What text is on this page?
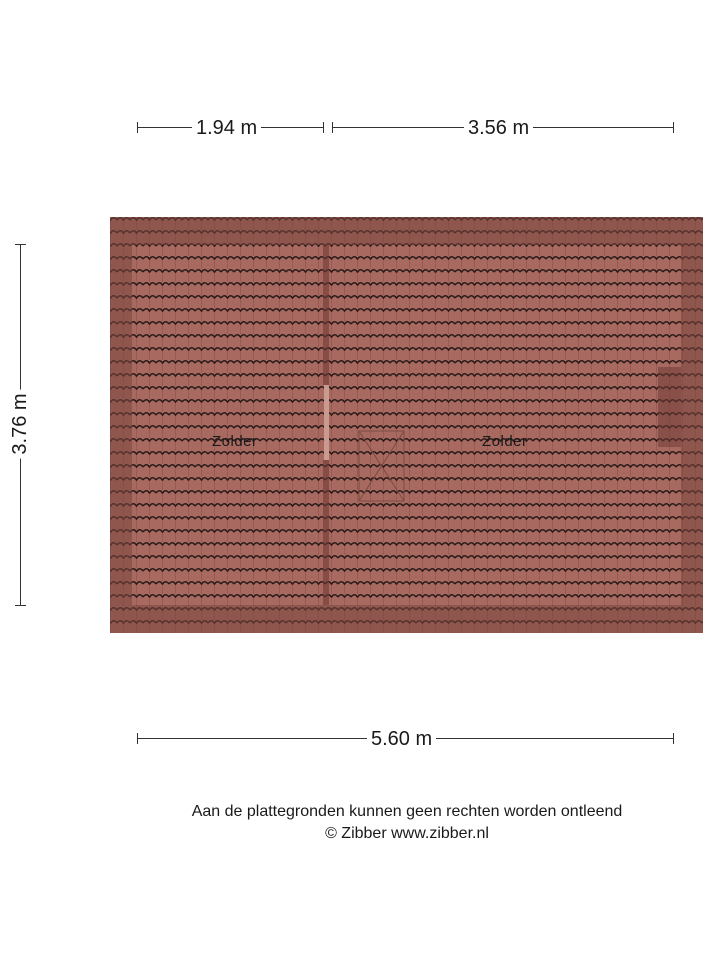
1.94 m	3.56 m
3.76 m	Zolder	Zolder
5.60 m
Aan de plattegronden kunnen geen rechten worden ontleend
© Zibber www.zibber.nl
